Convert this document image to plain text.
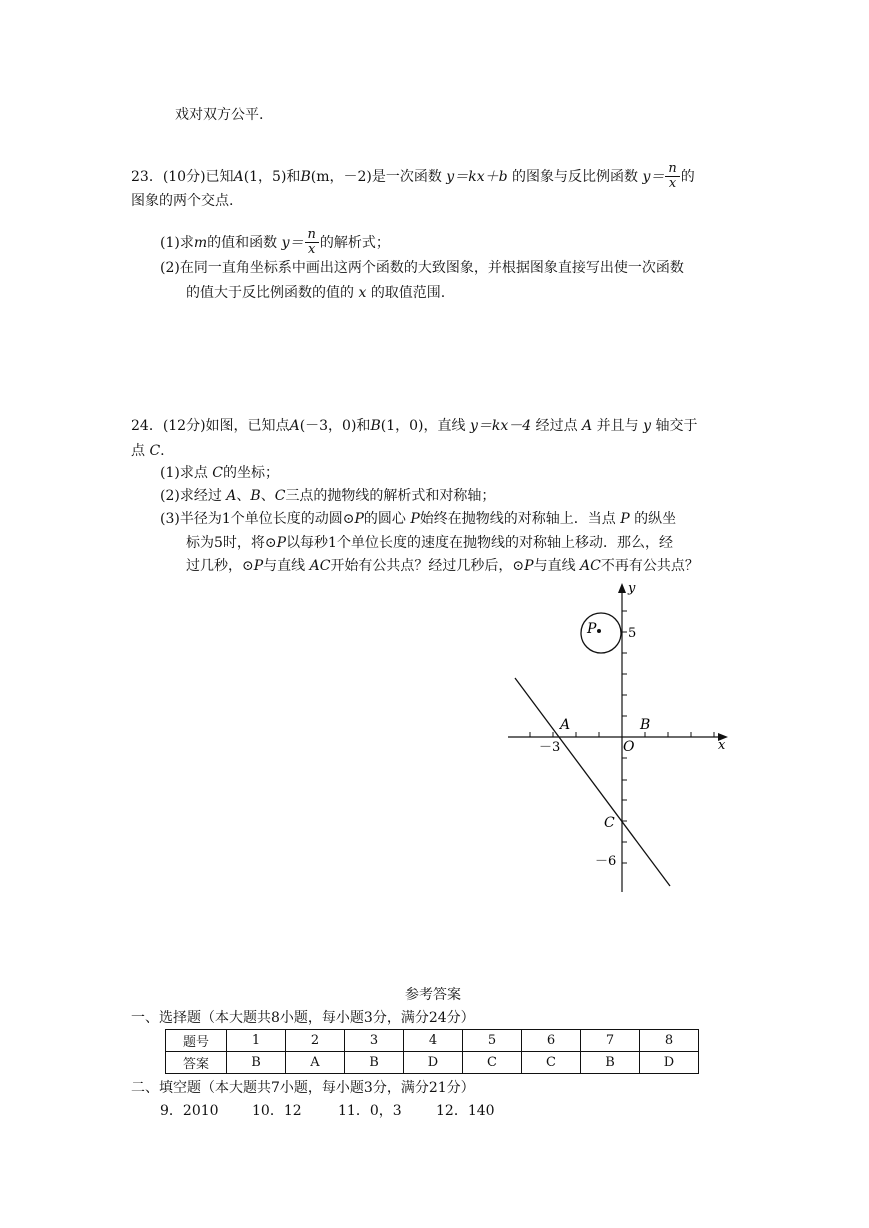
戏对双方公平.
23．(10分)已知A(1，5)和B(m，－2)是一次函数 y＝kx＋b 的图象与反比例函数 $y= \frac{n}{x}$ 的
图象的两个交点.
(1)求m的值和函数 $y= \frac{n}{x}$ 的解析式；
(2)在同一直角坐标系中画出这两个函数的大致图象，并根据图象直接写出使一次函数
的值大于反比例函数的值的 x 的取值范围.
24．(12分)如图，已知点A(－3，0)和B(1，0)，直线 y＝kx－4 经过点 A 并且与 y 轴交于
点 C.
(1)求点 C的坐标；
(2)求经过 A、B、C三点的抛物线的解析式和对称轴；
(3)半径为1个单位长度的动圆⊙P的圆心 P始终在抛物线的对称轴上．当点 P 的纵坐
标为5时，将⊙P以每秒1个单位长度的速度在抛物线的对称轴上移动．那么，经
过几秒，⊙P与直线 AC开始有公共点？经过几秒后，⊙P与直线 AC不再有公共点？
y
x
P 5
A	B
－3	O
C
－6
参考答案
一、选择题（本大题共8小题，每小题3分，满分24分）
题号	1	2	3	4	5	6	7	8
答案	B	A	B	D	C	C	B	D
二、填空题（本大题共7小题，每小题3分，满分21分）
9．2010 10．12	11．0，3 12．140
